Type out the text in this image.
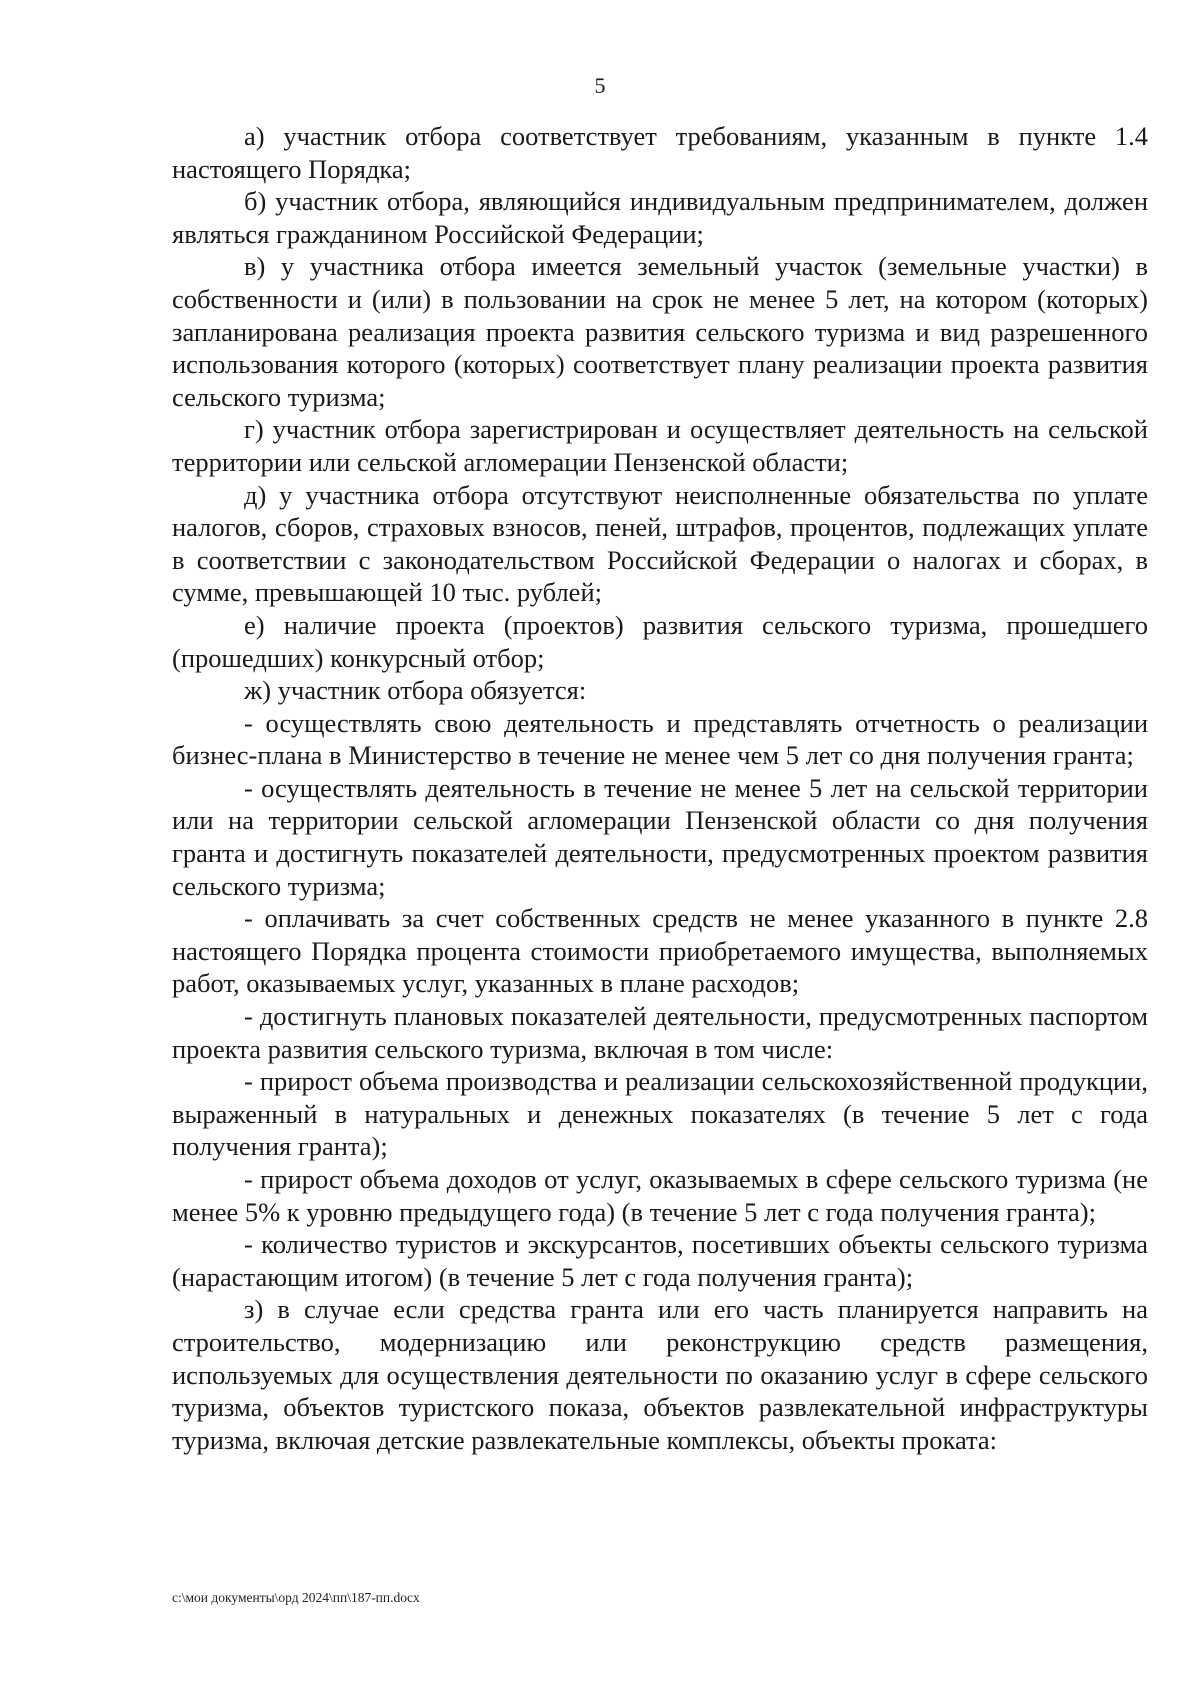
5

а) участник отбора соответствует требованиям, указанным в пункте 1.4 настоящего Порядка;

б) участник отбора, являющийся индивидуальным предпринимателем, должен являться гражданином Российской Федерации;

в) у участника отбора имеется земельный участок (земельные участки) в собственности и (или) в пользовании на срок не менее 5 лет, на котором (которых) запланирована реализация проекта развития сельского туризма и вид разрешенного использования которого (которых) соответствует плану реализации проекта развития сельского туризма;

г) участник отбора зарегистрирован и осуществляет деятельность на сельской территории или сельской агломерации Пензенской области;

д) у участника отбора отсутствуют неисполненные обязательства по уплате налогов, сборов, страховых взносов, пеней, штрафов, процентов, подлежащих уплате в соответствии с законодательством Российской Федерации о налогах и сборах, в сумме, превышающей 10 тыс. рублей;

е) наличие проекта (проектов) развития сельского туризма, прошедшего (прошедших) конкурсный отбор;

ж) участник отбора обязуется:

- осуществлять свою деятельность и представлять отчетность о реализации бизнес-плана в Министерство в течение не менее чем 5 лет со дня получения гранта;

- осуществлять деятельность в течение не менее 5 лет на сельской территории или на территории сельской агломерации Пензенской области со дня получения гранта и достигнуть показателей деятельности, предусмотренных проектом развития сельского туризма;

- оплачивать за счет собственных средств не менее указанного в пункте 2.8 настоящего Порядка процента стоимости приобретаемого имущества, выполняемых работ, оказываемых услуг, указанных в плане расходов;

- достигнуть плановых показателей деятельности, предусмотренных паспортом проекта развития сельского туризма, включая в том числе:

- прирост объема производства и реализации сельскохозяйственной продукции, выраженный в натуральных и денежных показателях (в течение 5 лет с года получения гранта);

- прирост объема доходов от услуг, оказываемых в сфере сельского туризма (не менее 5% к уровню предыдущего года) (в течение 5 лет с года получения гранта);

- количество туристов и экскурсантов, посетивших объекты сельского туризма (нарастающим итогом) (в течение 5 лет с года получения гранта);

з) в случае если средства гранта или его часть планируется направить на строительство, модернизацию или реконструкцию средств размещения, используемых для осуществления деятельности по оказанию услуг в сфере сельского туризма, объектов туристского показа, объектов развлекательной инфраструктуры туризма, включая детские развлекательные комплексы, объекты проката:

c:\мои документы\орд 2024\пп\187-пп.docx
